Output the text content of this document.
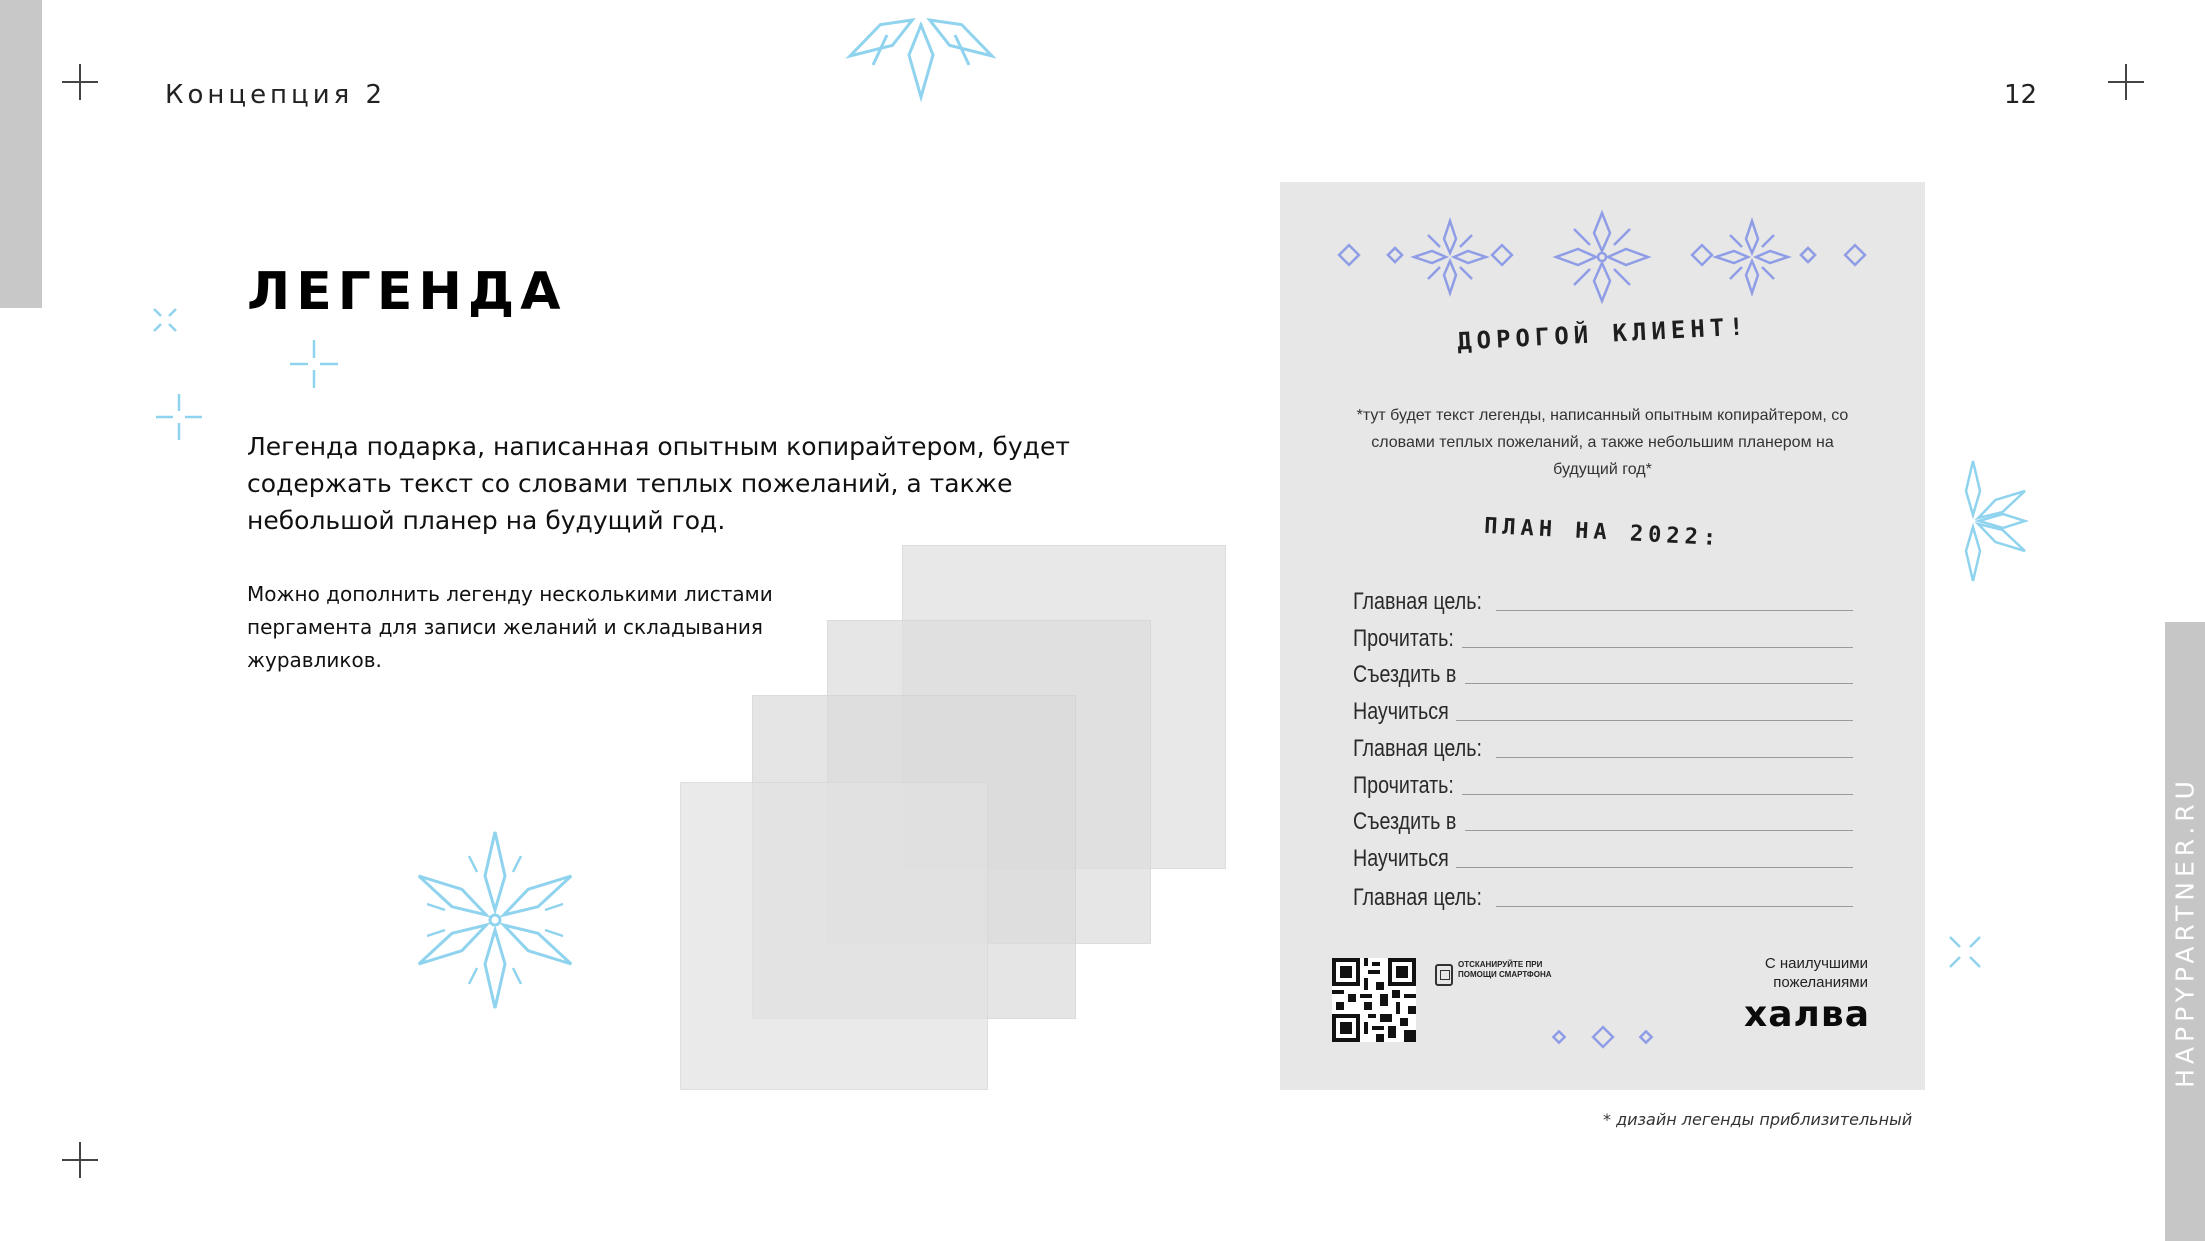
HAPPYPARTNER.RU
Концепция 2	12
ЛЕГЕНДА
Легенда подарка, написанная опытным копирайтером, будет содержать текст со словами теплых пожеланий, а также небольшой планер на будущий год.
Можно дополнить легенду несколькими листами пергамента для записи желаний и складывания журавликов.
ДОРОГОЙ КЛИЕНТ!
*тут будет текст легенды, написанный опытным копирайтером, со словами теплых пожеланий, а также небольшим планером на будущий год*
ПЛАН НА 2022:
Главная цель:
Прочитать:
Съездить в
Научиться
Главная цель:
Прочитать:
Съездить в
Научиться
Главная цель:
ОТСКАНИРУЙТЕ ПРИ ПОМОЩИ СМАРТФОНА
С наилучшими пожеланиями
халва
* дизайн легенды приблизительный
